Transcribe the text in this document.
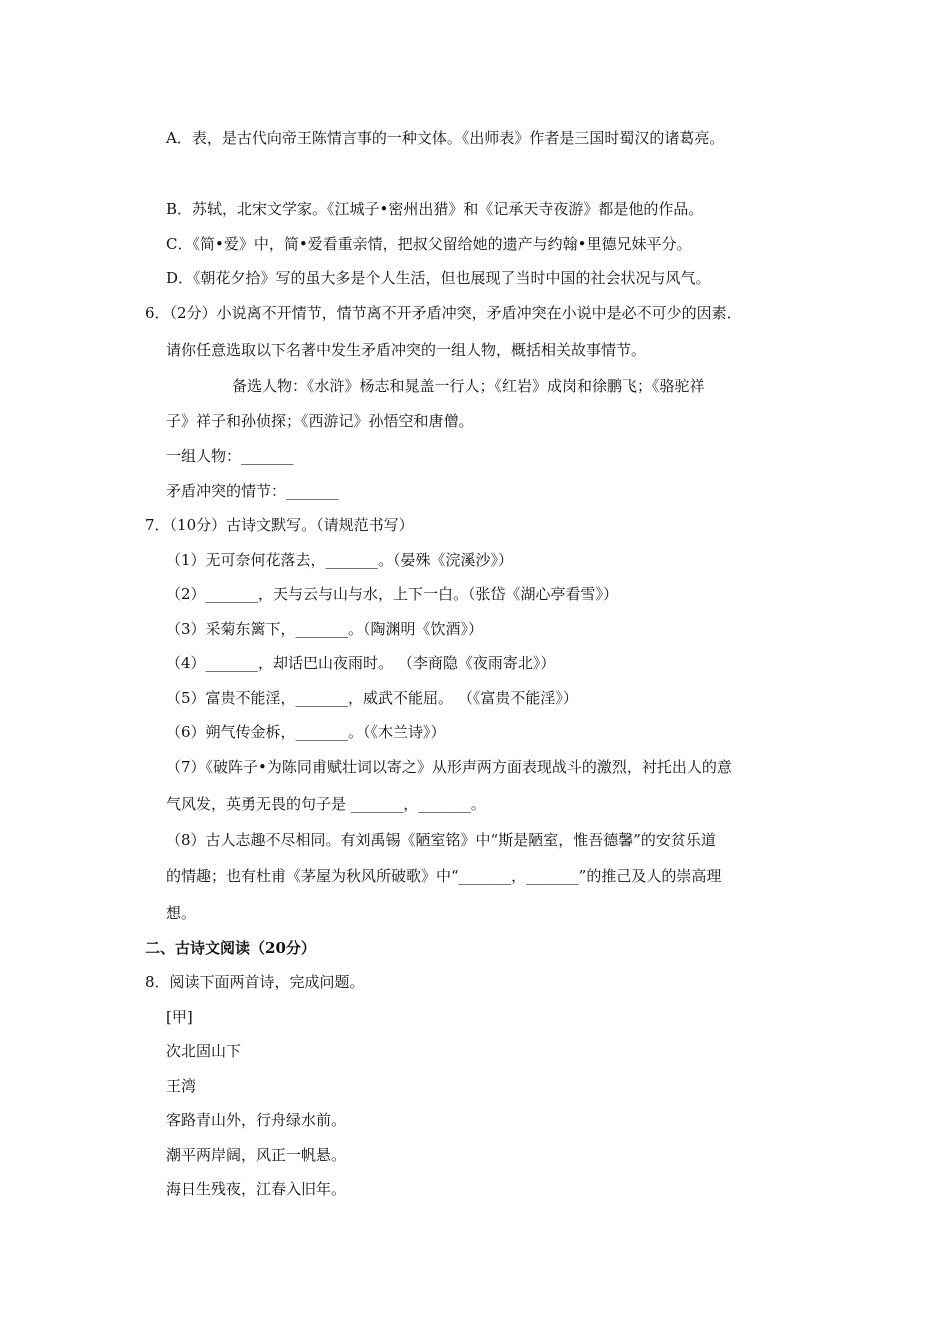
A．表，是古代向帝王陈情言事的一种文体。《出师表》作者是三国时蜀汉的诸葛亮。
B．苏轼，北宋文学家。《江城子•密州出猎》和《记承天寺夜游》都是他的作品。
C．《简•爱》中，简•爱看重亲情，把叔父留给她的遗产与约翰•里德兄妹平分。
D．《朝花夕拾》写的虽大多是个人生活，但也展现了当时中国的社会状况与风气。
6．（2分）小说离不开情节，情节离不开矛盾冲突，矛盾冲突在小说中是必不可少的因素．
请你任意选取以下名著中发生矛盾冲突的一组人物，概括相关故事情节。
备选人物：《水浒》杨志和晁盖一行人；《红岩》成岗和徐鹏飞；《骆驼祥
子》祥子和孙侦探；《西游记》孙悟空和唐僧。
一组人物：_______
矛盾冲突的情节：_______
7．（10分）古诗文默写。（请规范书写）
（1）无可奈何花落去，_______。（晏殊《浣溪沙》）
（2）_______，天与云与山与水，上下一白。（张岱《湖心亭看雪》）
（3）采菊东篱下，_______。（陶渊明《饮酒》）
（4）_______，却话巴山夜雨时。 （李商隐《夜雨寄北》）
（5）富贵不能淫，_______，威武不能屈。 （《富贵不能淫》）
（6）朔气传金柝，_______。（《木兰诗》）
（7）《破阵子•为陈同甫赋壮词以寄之》从形声两方面表现战斗的激烈，衬托出人的意
气风发，英勇无畏的句子是 _______，_______。
（8）古人志趣不尽相同。有刘禹锡《陋室铭》中“斯是陋室，惟吾德馨”的安贫乐道
的情趣；也有杜甫《茅屋为秋风所破歌》中“_______，_______”的推己及人的崇高理
想。
二、古诗文阅读（20分）
8．阅读下面两首诗，完成问题。
[甲]
次北固山下
王湾
客路青山外，行舟绿水前。
潮平两岸阔，风正一帆悬。
海日生残夜，江春入旧年。
